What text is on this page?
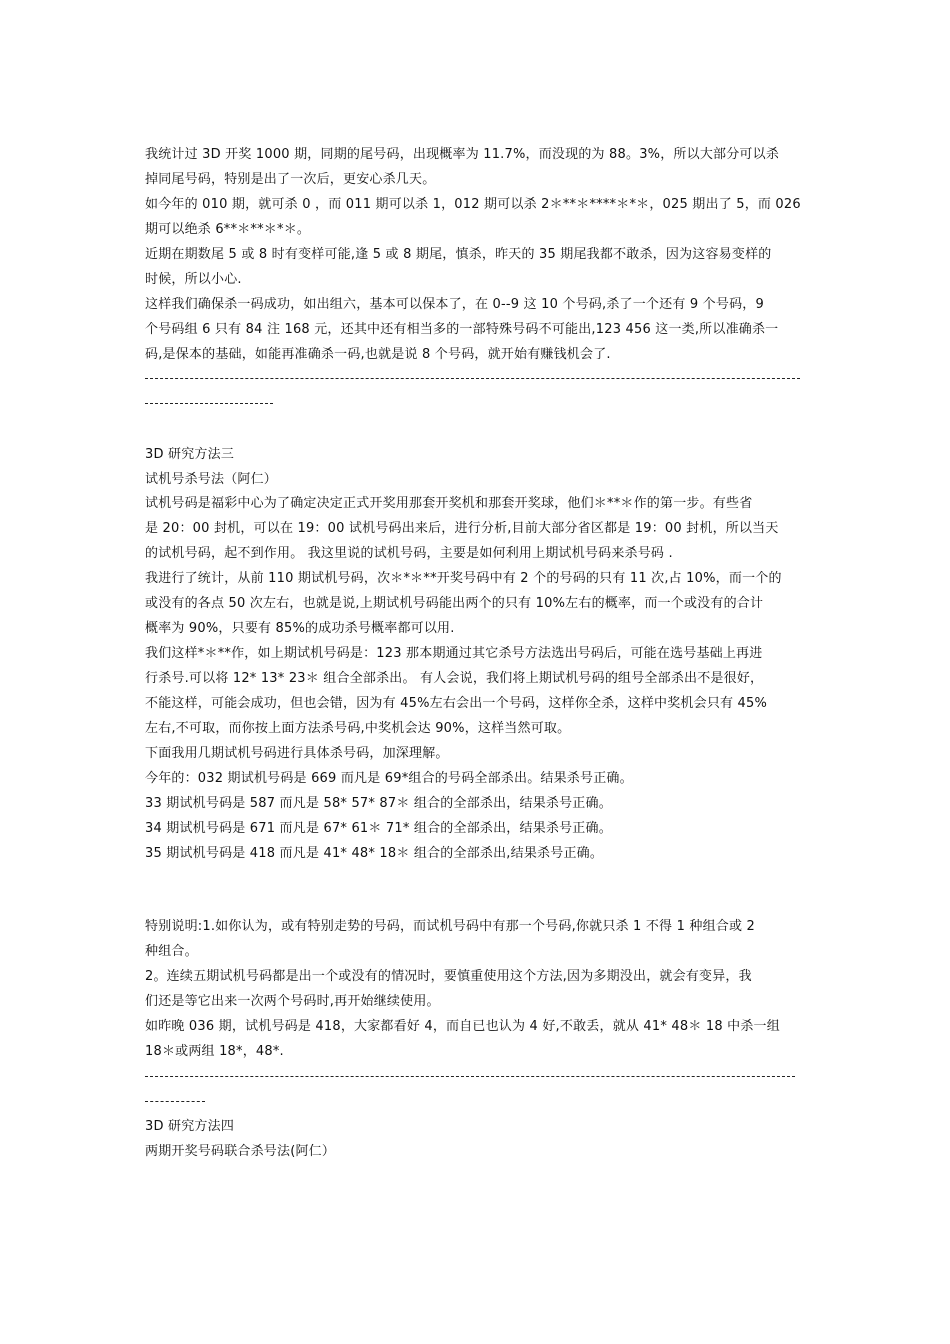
我统计过 3D 开奖 1000 期，同期的尾号码，出现概率为 11.7%，而没现的为 88。3%，所以大部分可以杀
掉同尾号码，特别是出了一次后，更安心杀几天。
如今年的 010 期，就可杀 0 ，而 011 期可以杀 1，012 期可以杀 2＊**＊****＊*＊，025 期出了 5，而 026
期可以绝杀 6**＊**＊*＊。
近期在期数尾 5 或 8 时有变样可能,逢 5 或 8 期尾，慎杀，昨天的 35 期尾我都不敢杀，因为这容易变样的
时候，所以小心.
这样我们确保杀一码成功，如出组六，基本可以保本了，在 0--9 这 10 个号码,杀了一个还有 9 个号码，9
个号码组 6 只有 84 注 168 元，还其中还有相当多的一部特殊号码不可能出,123 456 这一类,所以准确杀一
码,是保本的基础，如能再准确杀一码,也就是说 8 个号码，就开始有赚钱机会了.
3D 研究方法三
试机号杀号法（阿仁）
试机号码是福彩中心为了确定决定正式开奖用那套开奖机和那套开奖球，他们＊**＊作的第一步。有些省
是 20：00 封机，可以在 19：00 试机号码出来后，进行分析,目前大部分省区都是 19：00 封机，所以当天
的试机号码，起不到作用。 我这里说的试机号码，主要是如何利用上期试机号码来杀号码 .
我进行了统计，从前 110 期试机号码，次＊*＊**开奖号码中有 2 个的号码的只有 11 次,占 10%，而一个的
或没有的各点 50 次左右，也就是说,上期试机号码能出两个的只有 10%左右的概率，而一个或没有的合计
概率为 90%，只要有 85%的成功杀号概率都可以用.
我们这样*＊**作，如上期试机号码是：123 那本期通过其它杀号方法选出号码后，可能在选号基础上再进
行杀号.可以将 12* 13* 23＊ 组合全部杀出。 有人会说，我们将上期试机号码的组号全部杀出不是很好，
不能这样，可能会成功，但也会错，因为有 45%左右会出一个号码，这样你全杀，这样中奖机会只有 45%
左右,不可取，而你按上面方法杀号码,中奖机会达 90%，这样当然可取。
下面我用几期试机号码进行具体杀号码，加深理解。
今年的：032 期试机号码是 669 而凡是 69*组合的号码全部杀出。结果杀号正确。
33 期试机号码是 587 而凡是 58* 57* 87＊ 组合的全部杀出，结果杀号正确。
34 期试机号码是 671 而凡是 67* 61＊ 71* 组合的全部杀出，结果杀号正确。
35 期试机号码是 418 而凡是 41* 48* 18＊ 组合的全部杀出,结果杀号正确。
特别说明:1.如你认为，或有特别走势的号码，而试机号码中有那一个号码,你就只杀 1 不得 1 种组合或 2
种组合。
2。连续五期试机号码都是出一个或没有的情况时，要慎重使用这个方法,因为多期没出，就会有变异，我
们还是等它出来一次两个号码时,再开始继续使用。
如昨晚 036 期，试机号码是 418，大家都看好 4，而自已也认为 4 好,不敢丢，就从 41* 48＊ 18 中杀一组
18＊或两组 18*，48*.
3D 研究方法四
两期开奖号码联合杀号法(阿仁）
